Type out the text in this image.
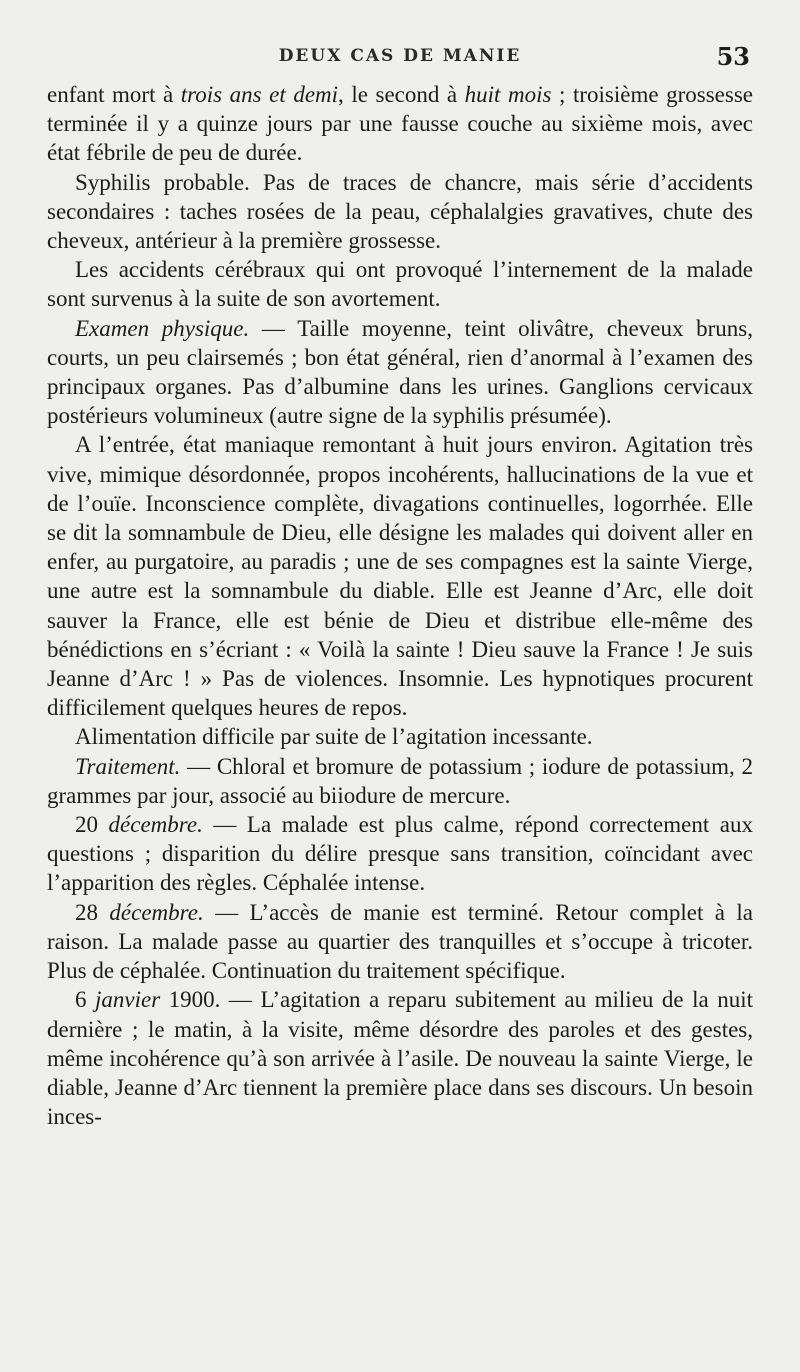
DEUX CAS DE MANIE	53

enfant mort à trois ans et demi, le second à huit mois ; troisième grossesse terminée il y a quinze jours par une fausse couche au sixième mois, avec état fébrile de peu de durée.

Syphilis probable. Pas de traces de chancre, mais série d’accidents secondaires : taches rosées de la peau, céphalalgies gravatives, chute des cheveux, antérieur à la première grossesse.

Les accidents cérébraux qui ont provoqué l’internement de la malade sont survenus à la suite de son avortement.

Examen physique. — Taille moyenne, teint olivâtre, cheveux bruns, courts, un peu clairsemés ; bon état général, rien d’anormal à l’examen des principaux organes. Pas d’albumine dans les urines. Ganglions cervicaux postérieurs volumineux (autre signe de la syphilis présumée).

A l’entrée, état maniaque remontant à huit jours environ. Agitation très vive, mimique désordonnée, propos incohérents, hallucinations de la vue et de l’ouïe. Inconscience complète, divagations continuelles, logorrhée. Elle se dit la somnambule de Dieu, elle désigne les malades qui doivent aller en enfer, au purgatoire, au paradis ; une de ses compagnes est la sainte Vierge, une autre est la somnambule du diable. Elle est Jeanne d’Arc, elle doit sauver la France, elle est bénie de Dieu et distribue elle-même des bénédictions en s’écriant : « Voilà la sainte ! Dieu sauve la France ! Je suis Jeanne d’Arc ! » Pas de violences. Insomnie. Les hypnotiques procurent difficilement quelques heures de repos.

Alimentation difficile par suite de l’agitation incessante.

Traitement. — Chloral et bromure de potassium ; iodure de potassium, 2 grammes par jour, associé au biiodure de mercure.

20 décembre. — La malade est plus calme, répond correctement aux questions ; disparition du délire presque sans transition, coïncidant avec l’apparition des règles. Céphalée intense.

28 décembre. — L’accès de manie est terminé. Retour complet à la raison. La malade passe au quartier des tranquilles et s’occupe à tricoter. Plus de céphalée. Continuation du traitement spécifique.

6 janvier 1900. — L’agitation a reparu subitement au milieu de la nuit dernière ; le matin, à la visite, même désordre des paroles et des gestes, même incohérence qu’à son arrivée à l’asile. De nouveau la sainte Vierge, le diable, Jeanne d’Arc tiennent la première place dans ses discours. Un besoin inces-
